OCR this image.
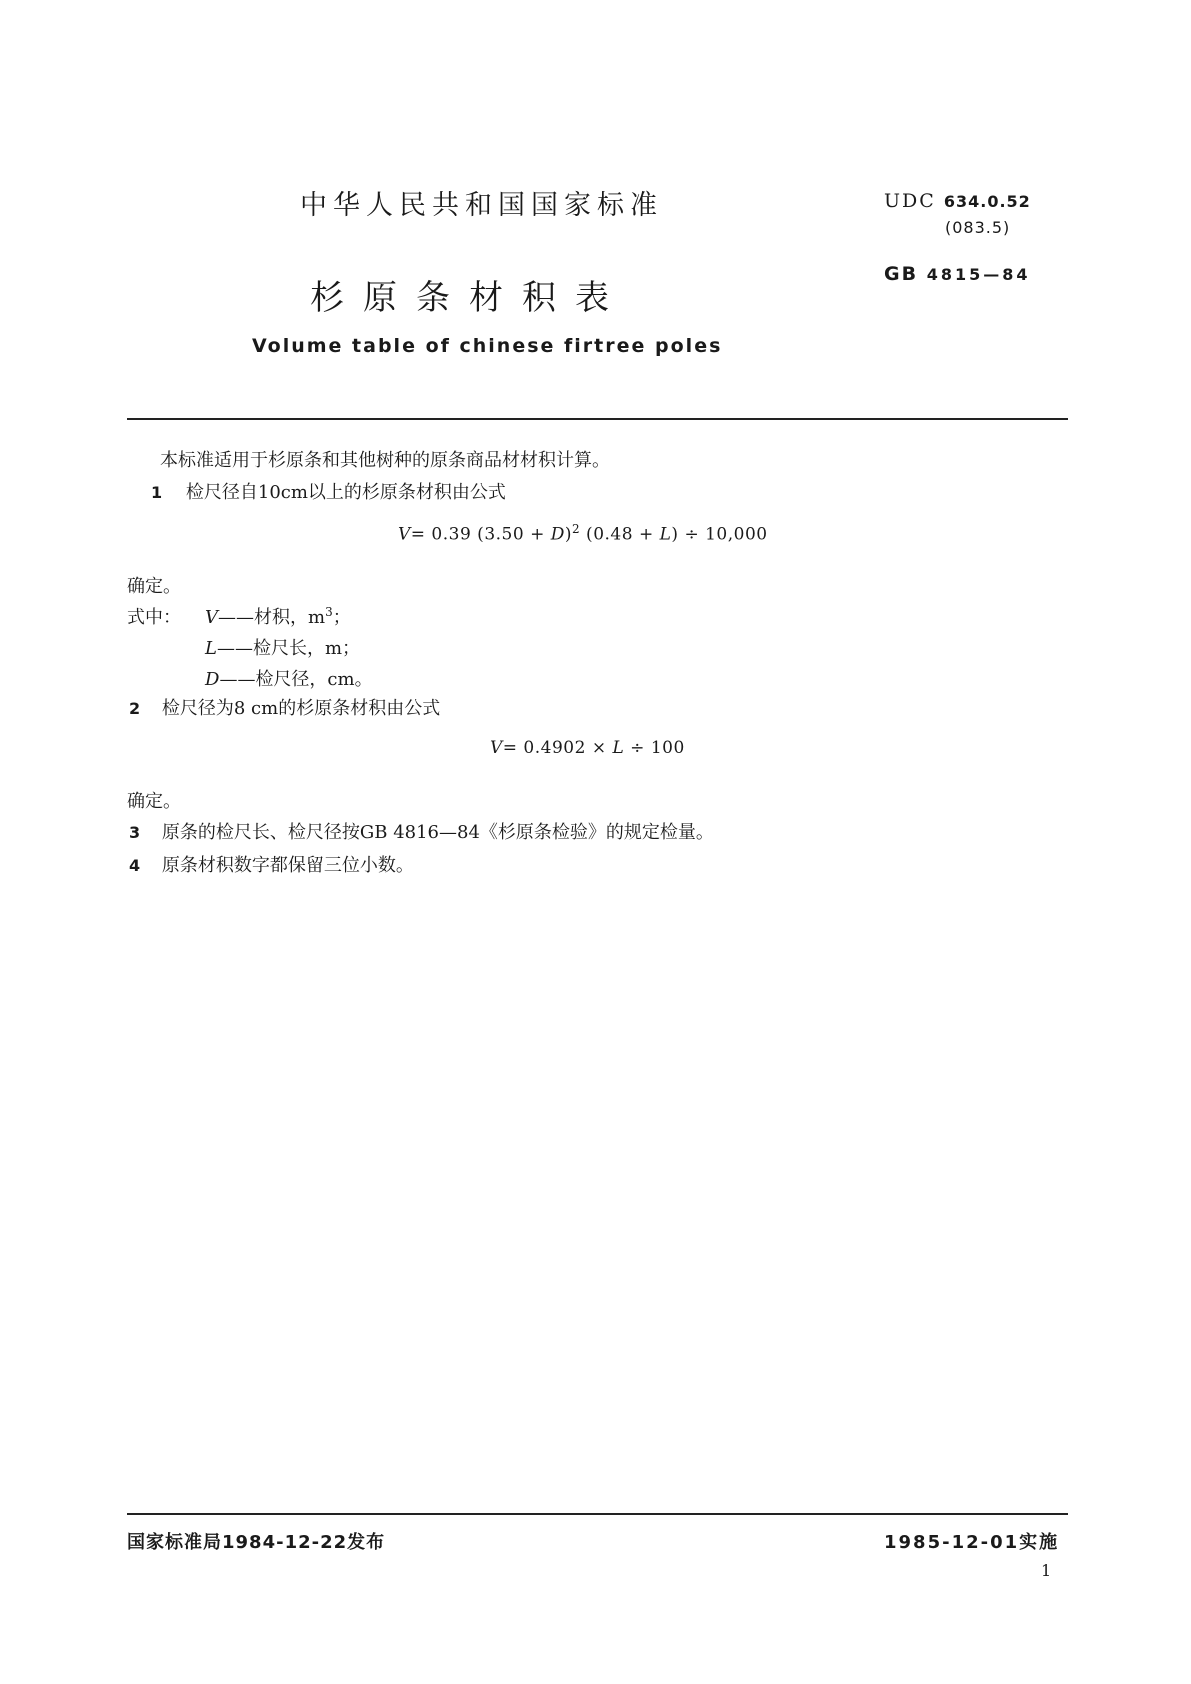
中华人民共和国国家标准
杉原条材积表
Volume table of chinese firtree poles
UDC 634.0.52
(083.5)
GB 4815—84
本标准适用于杉原条和其他树种的原条商品材材积计算。
1 检尺径自10cm以上的杉原条材积由公式
V= 0.39 $(3.50 + D)^2$ (0.48 + L) ÷ 10,000
确定。
式中： V——材积，$m^3$；
L——检尺长，m；
D——检尺径，cm。
2 检尺径为8 cm的杉原条材积由公式
V= 0.4902 × L ÷ 100
确定。
3 原条的检尺长、检尺径按GB 4816—84《杉原条检验》的规定检量。
4 原条材积数字都保留三位小数。
国家标准局1984-12-22发布	1985-12-01实施
1
